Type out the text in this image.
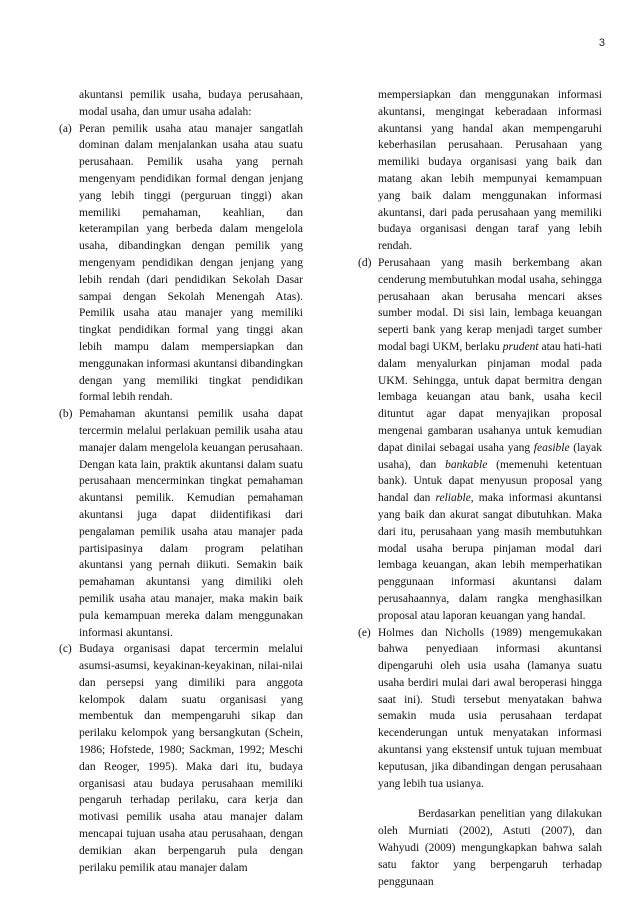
3

akuntansi pemilik usaha, budaya perusahaan, modal usaha, dan umur usaha adalah:

(a) Peran pemilik usaha atau manajer sangatlah dominan dalam menjalankan usaha atau suatu perusahaan. Pemilik usaha yang pernah mengenyam pendidikan formal dengan jenjang yang lebih tinggi (perguruan tinggi) akan memiliki pemahaman, keahlian, dan keterampilan yang berbeda dalam mengelola usaha, dibandingkan dengan pemilik yang mengenyam pendidikan dengan jenjang yang lebih rendah (dari pendidikan Sekolah Dasar sampai dengan Sekolah Menengah Atas). Pemilik usaha atau manajer yang memiliki tingkat pendidikan formal yang tinggi akan lebih mampu dalam mempersiapkan dan menggunakan informasi akuntansi dibandingkan dengan yang memiliki tingkat pendidikan formal lebih rendah.

(b) Pemahaman akuntansi pemilik usaha dapat tercermin melalui perlakuan pemilik usaha atau manajer dalam mengelola keuangan perusahaan. Dengan kata lain, praktik akuntansi dalam suatu perusahaan mencerminkan tingkat pemahaman akuntansi pemilik. Kemudian pemahaman akuntansi juga dapat diidentifikasi dari pengalaman pemilik usaha atau manajer pada partisipasinya dalam program pelatihan akuntansi yang pernah diikuti. Semakin baik pemahaman akuntansi yang dimiliki oleh pemilik usaha atau manajer, maka makin baik pula kemampuan mereka dalam menggunakan informasi akuntansi.

(c) Budaya organisasi dapat tercermin melalui asumsi-asumsi, keyakinan-keyakinan, nilai-nilai dan persepsi yang dimiliki para anggota kelompok dalam suatu organisasi yang membentuk dan mempengaruhi sikap dan perilaku kelompok yang bersangkutan (Schein, 1986; Hofstede, 1980; Sackman, 1992; Meschi dan Reoger, 1995). Maka dari itu, budaya organisasi atau budaya perusahaan memiliki pengaruh terhadap perilaku, cara kerja dan motivasi pemilik usaha atau manajer dalam mencapai tujuan usaha atau perusahaan, dengan demikian akan berpengaruh pula dengan perilaku pemilik atau manajer dalam

mempersiapkan dan menggunakan informasi akuntansi, mengingat keberadaan informasi akuntansi yang handal akan mempengaruhi keberhasilan perusahaan. Perusahaan yang memiliki budaya organisasi yang baik dan matang akan lebih mempunyai kemampuan yang baik dalam menggunakan informasi akuntansi, dari pada perusahaan yang memiliki budaya organisasi dengan taraf yang lebih rendah.

(d) Perusahaan yang masih berkembang akan cenderung membutuhkan modal usaha, sehingga perusahaan akan berusaha mencari akses sumber modal. Di sisi lain, lembaga keuangan seperti bank yang kerap menjadi target sumber modal bagi UKM, berlaku prudent atau hati-hati dalam menyalurkan pinjaman modal pada UKM. Sehingga, untuk dapat bermitra dengan lembaga keuangan atau bank, usaha kecil dituntut agar dapat menyajikan proposal mengenai gambaran usahanya untuk kemudian dapat dinilai sebagai usaha yang feasible (layak usaha), dan bankable (memenuhi ketentuan bank). Untuk dapat menyusun proposal yang handal dan reliable, maka informasi akuntansi yang baik dan akurat sangat dibutuhkan. Maka dari itu, perusahaan yang masih membutuhkan modal usaha berupa pinjaman modal dari lembaga keuangan, akan lebih memperhatikan penggunaan informasi akuntansi dalam perusahaannya, dalam rangka menghasilkan proposal atau laporan keuangan yang handal.

(e) Holmes dan Nicholls (1989) mengemukakan bahwa penyediaan informasi akuntansi dipengaruhi oleh usia usaha (lamanya suatu usaha berdiri mulai dari awal beroperasi hingga saat ini). Studi tersebut menyatakan bahwa semakin muda usia perusahaan terdapat kecenderungan untuk menyatakan informasi akuntansi yang ekstensif untuk tujuan membuat keputusan, jika dibandingan dengan perusahaan yang lebih tua usianya.

Berdasarkan penelitian yang dilakukan oleh Murniati (2002), Astuti (2007), dan Wahyudi (2009) mengungkapkan bahwa salah satu faktor yang berpengaruh terhadap penggunaan
